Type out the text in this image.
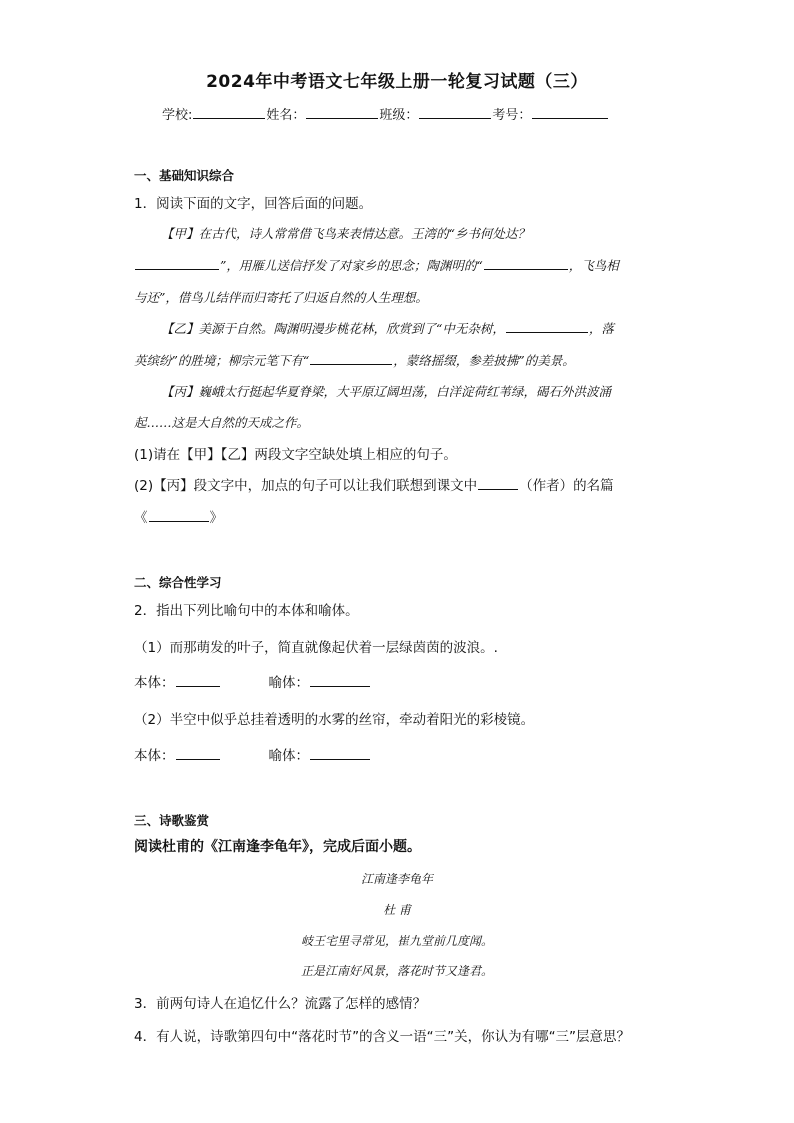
2024年中考语文七年级上册一轮复习试题（三）
学校:	姓名：	班级：	考号：
一、基础知识综合
1．阅读下面的文字，回答后面的问题。
【甲】在古代，诗人常常借飞鸟来表情达意。王湾的“乡书何处达？
”，用雁儿送信抒发了对家乡的思念；陶渊明的“	，飞鸟相
与还”，借鸟儿结伴而归寄托了归返自然的人生理想。
【乙】美源于自然。陶渊明漫步桃花林，欣赏到了“中无杂树，	，落
英缤纷”的胜境；柳宗元笔下有“	，蒙络摇缀，参差披拂”的美景。
【丙】巍峨太行挺起华夏脊梁，大平原辽阔坦荡，白洋淀荷红苇绿，碣石外洪波涌
起……这是大自然的天成之作。
(1)请在【甲】【乙】两段文字空缺处填上相应的句子。
(2)【丙】段文字中，加点的句子可以让我们联想到课文中	（作者）的名篇
《	》
二、综合性学习
2．指出下列比喻句中的本体和喻体。
（1）而那萌发的叶子，简直就像起伏着一层绿茵茵的波浪。.
本体：	喻体：
（2）半空中似乎总挂着透明的水雾的丝帘，牵动着阳光的彩棱镜。
本体：	喻体：
三、诗歌鉴赏
阅读杜甫的《江南逢李龟年》，完成后面小题。
江南逢李龟年
杜 甫
岐王宅里寻常见，崔九堂前几度闻。
正是江南好风景，落花时节又逢君。
3．前两句诗人在追忆什么？流露了怎样的感情？
4．有人说，诗歌第四句中“落花时节”的含义一语“三”关，你认为有哪“三”层意思？
